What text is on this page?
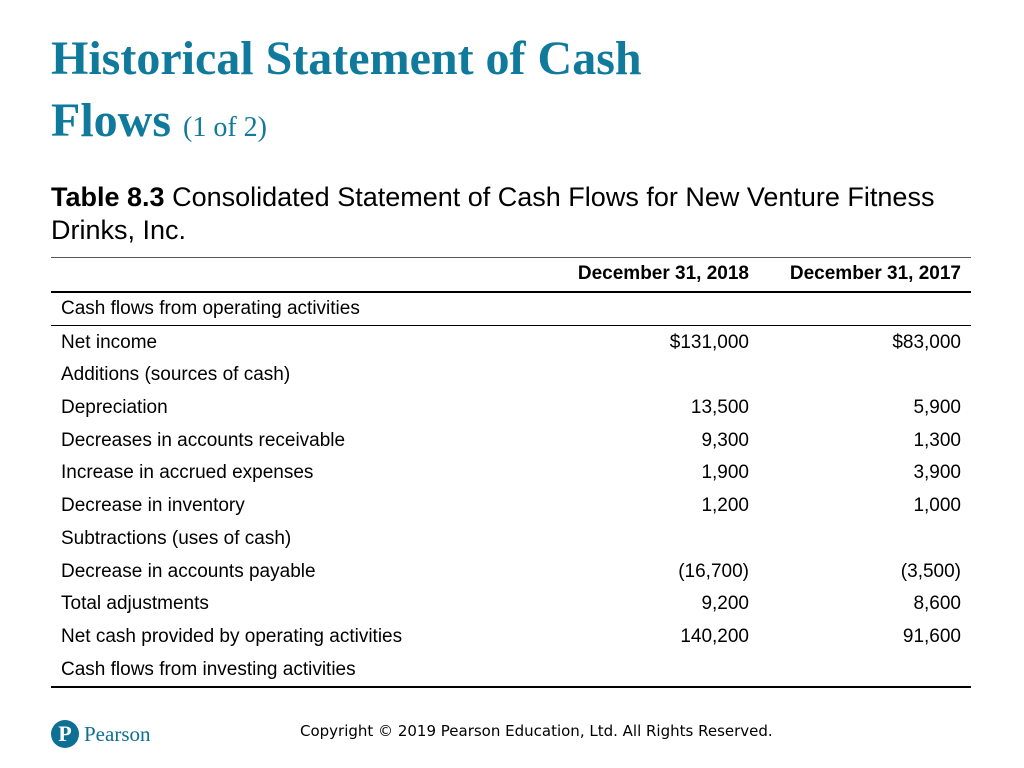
Historical Statement of Cash Flows (1 of 2)

Table 8.3 Consolidated Statement of Cash Flows for New Venture Fitness Drinks, Inc.

	December 31, 2018	December 31, 2017
Cash flows from operating activities		
Net income	$131,000	$83,000
Additions (sources of cash)		
Depreciation	13,500	5,900
Decreases in accounts receivable	9,300	1,300
Increase in accrued expenses	1,900	3,900
Decrease in inventory	1,200	1,000
Subtractions (uses of cash)		
Decrease in accounts payable	(16,700)	(3,500)
Total adjustments	9,200	8,600
Net cash provided by operating activities	140,200	91,600
Cash flows from investing activities		
P Pearson	Copyright © 2019 Pearson Education, Ltd. All Rights Reserved.
